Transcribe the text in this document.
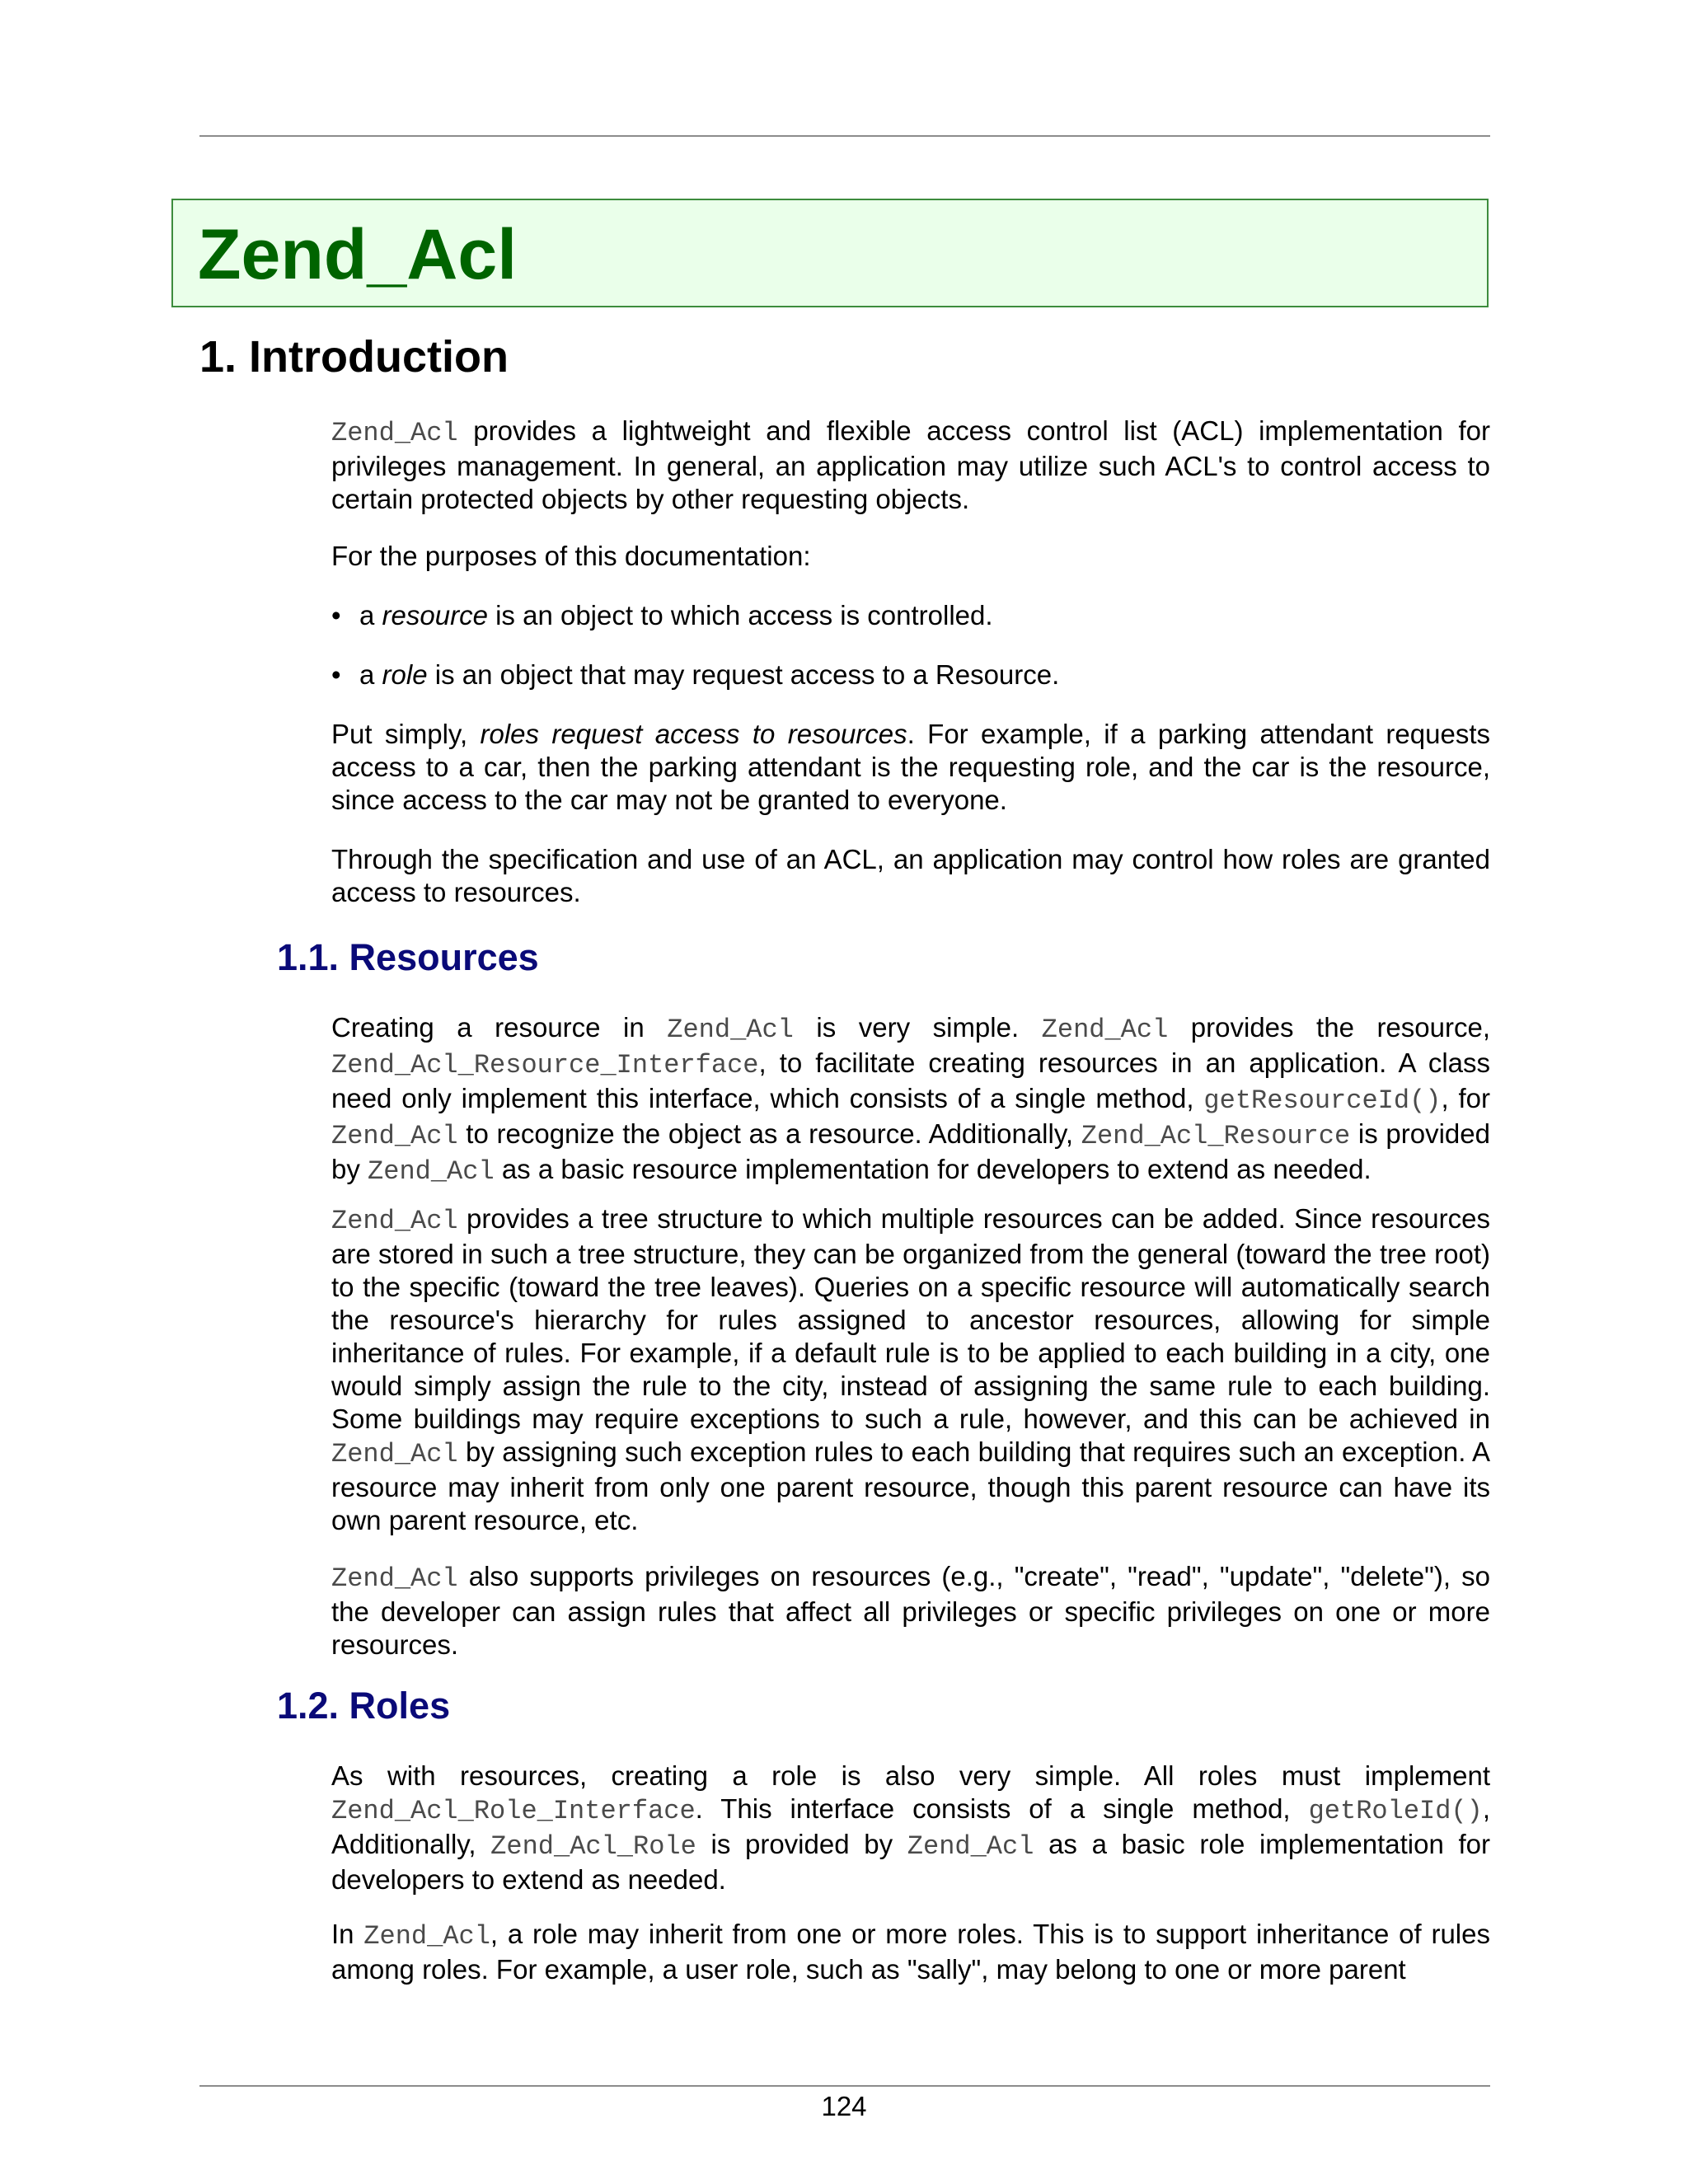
Zend_Acl
1. Introduction

Zend_Acl provides a lightweight and flexible access control list (ACL) implementation for privileges management. In general, an application may utilize such ACL's to control access to certain protected objects by other requesting objects.

For the purposes of this documentation:

• a resource is an object to which access is controlled.

• a role is an object that may request access to a Resource.

Put simply, roles request access to resources. For example, if a parking attendant requests access to a car, then the parking attendant is the requesting role, and the car is the resource, since access to the car may not be granted to everyone.

Through the specification and use of an ACL, an application may control how roles are granted access to resources.

1.1. Resources

Creating a resource in Zend_Acl is very simple. Zend_Acl provides the resource, Zend_Acl_Resource_Interface, to facilitate creating resources in an application. A class need only implement this interface, which consists of a single method, getResourceId(), for Zend_Acl to recognize the object as a resource. Additionally, Zend_Acl_Resource is provided by Zend_Acl as a basic resource implementation for developers to extend as needed.

Zend_Acl provides a tree structure to which multiple resources can be added. Since resources are stored in such a tree structure, they can be organized from the general (toward the tree root) to the specific (toward the tree leaves). Queries on a specific resource will automatically search the resource's hierarchy for rules assigned to ancestor resources, allowing for simple inheritance of rules. For example, if a default rule is to be applied to each building in a city, one would simply assign the rule to the city, instead of assigning the same rule to each building. Some buildings may require exceptions to such a rule, however, and this can be achieved in Zend_Acl by assigning such exception rules to each building that requires such an exception. A resource may inherit from only one parent resource, though this parent resource can have its own parent resource, etc.

Zend_Acl also supports privileges on resources (e.g., "create", "read", "update", "delete"), so the developer can assign rules that affect all privileges or specific privileges on one or more resources.

1.2. Roles

As with resources, creating a role is also very simple. All roles must implement Zend_Acl_Role_Interface. This interface consists of a single method, getRoleId(), Additionally, Zend_Acl_Role is provided by Zend_Acl as a basic role implementation for developers to extend as needed.

In Zend_Acl, a role may inherit from one or more roles. This is to support inheritance of rules among roles. For example, a user role, such as "sally", may belong to one or more parent

124
